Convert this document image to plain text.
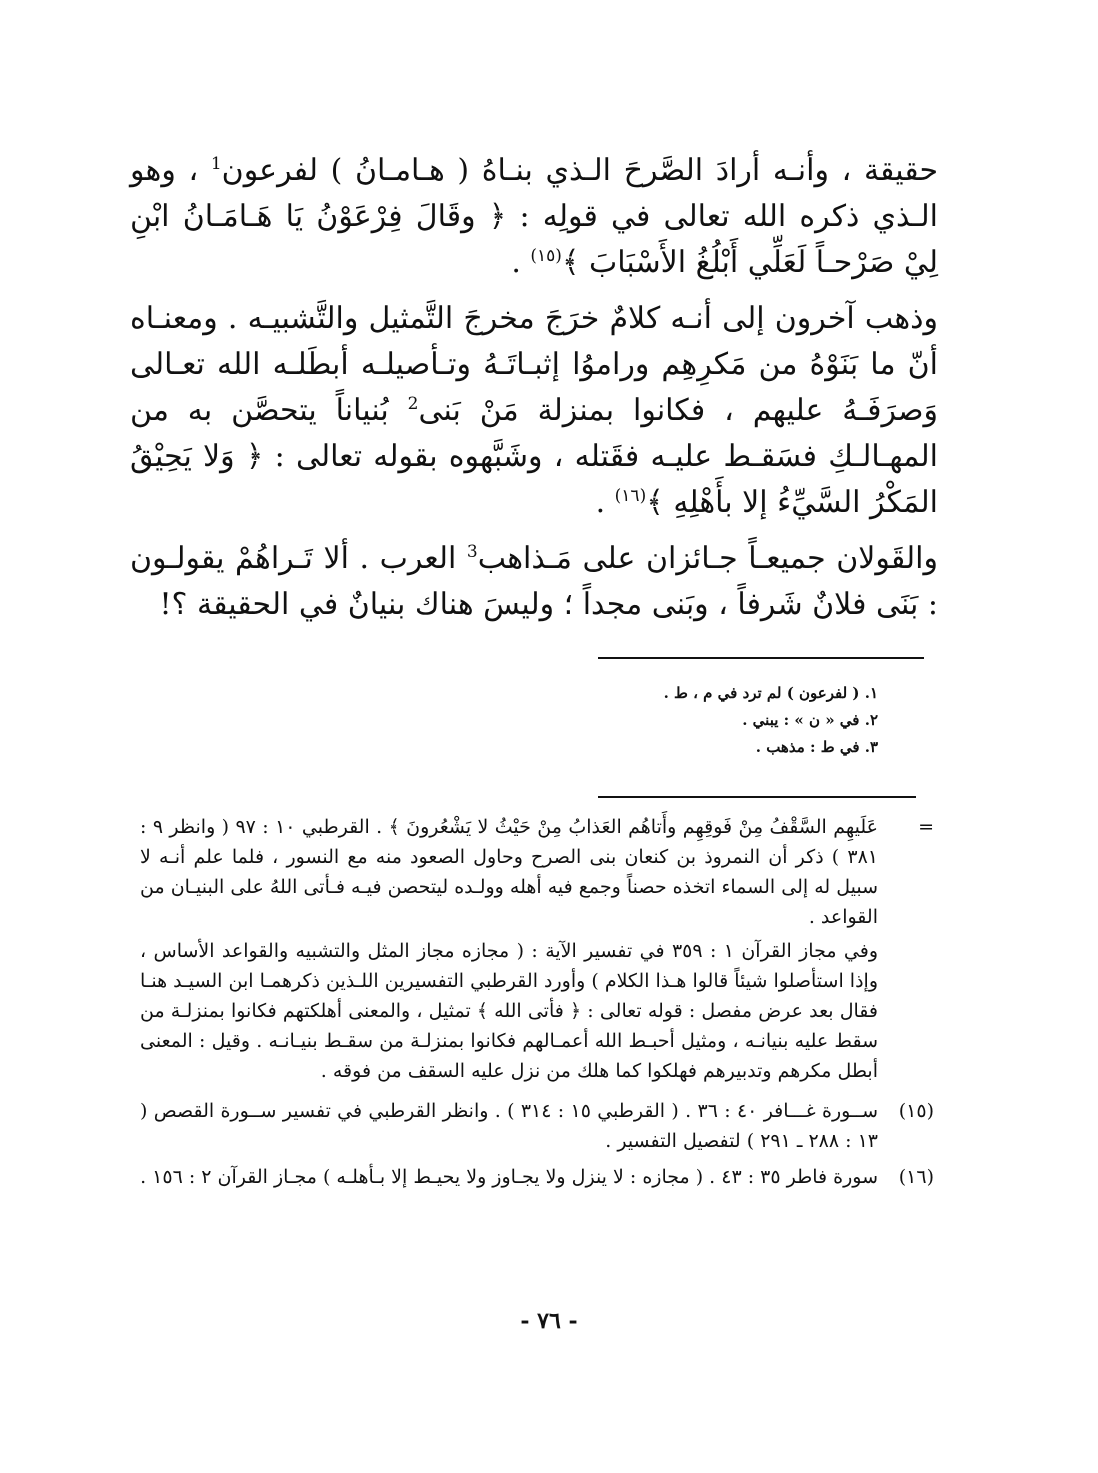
حقيقة ، وأنـه أرادَ الصَّرحَ الـذي بنـاهُ ( هـامـانُ ) لفرعون$^1$ ، وهو الـذي ذكره الله تعالى في قولِه : ﴿ وقَالَ فِرْعَوْنُ يَا هَـامَـانُ ابْنِ لِيْ صَرْحـاً لَعَلِّي أَبْلُغُ الأَسْبَابَ ﴾$^{(١٥)}$ .

وذهب آخرون إلى أنـه كلامٌ خرَجَ مخرجَ التَّمثيل والتَّشبيـه . ومعنـاه أنّ ما بَنَوْهُ من مَكرِهِم وراموُا إثبـاتَـهُ وتـأصيلـه أبطَلـه الله تعـالى وَصرَفَـهُ عليهم ، فكانوا بمنزلة مَنْ بَنى$^2$ بُنياناً يتحصَّن به من المهـالـكِ فسَقـط عليـه فقَتله ، وشَبَّهوه بقوله تعالى : ﴿ وَلا يَحِيْقُ المَكْرُ السَّيِّءُ إلا بأَهْلِهِ ﴾$^{(١٦)}$ .

والقَولان جميعـاً جـائزان على مَـذاهب$^3$ العرب . ألا تَـراهُمْ يقولـون : بَنَى فلانٌ شَرفاً ، وبَنى مجداً ؛ وليسَ هناك بنيانٌ في الحقيقة ؟!

١. ( لفرعون ) لم ترد في م ، ط .
٢. في « ن » : يبني .
٣. في ط : مذهب .
=

عَلَيهِم السَّقْفُ مِنْ فَوقِهِم وأَتاهُم العَذابُ مِنْ حَيْثُ لا يَشْعُرونَ ﴾ . القرطبي ١٠ : ٩٧ ( وانظر ٩ : ٣٨١ ) ذكر أن النمروذ بن كنعان بنى الصرح وحاول الصعود منه مع النسور ، فلما علم أنـه لا سبيل له إلى السماء اتخذه حصناً وجمع فيه أهله وولـده ليتحصن فيـه فـأتى اللهُ على البنيـان من القواعد .

وفي مجاز القرآن ١ : ٣٥٩ في تفسير الآية : ( مجازه مجاز المثل والتشبيه والقواعد الأساس ، وإذا استأصلوا شيئاً قالوا هـذا الكلام ) وأورد القرطبي التفسيرين اللـذين ذكرهمـا ابن السيـد هنـا فقال بعد عرض مفصل : قوله تعالى : ﴿ فأتى الله ﴾ تمثيل ، والمعنى أهلكتهم فكانوا بمنزلـة من سقط عليه بنيانـه ، ومثيل أحبـط الله أعمـالهم فكانوا بمنزلـة من سقـط بنيـانـه . وقيل : المعنى أبطل مكرهم وتدبيرهم فهلكوا كما هلك من نزل عليه السقف من فوقه .

(١٥)
ســورة غـــافر ٤٠ : ٣٦ . ( القرطبي ١٥ : ٣١٤ ) . وانظر القرطبي في تفسير ســورة القصص ( ١٣ : ٢٨٨ ـ ٢٩١ ) لتفصيل التفسير .
(١٦)
سورة فاطر ٣٥ : ٤٣ . ( مجازه : لا ينزل ولا يجـاوز ولا يحيـط إلا بـأهلـه ) مجـاز القرآن ٢ : ١٥٦ .
- ٧٦ -
